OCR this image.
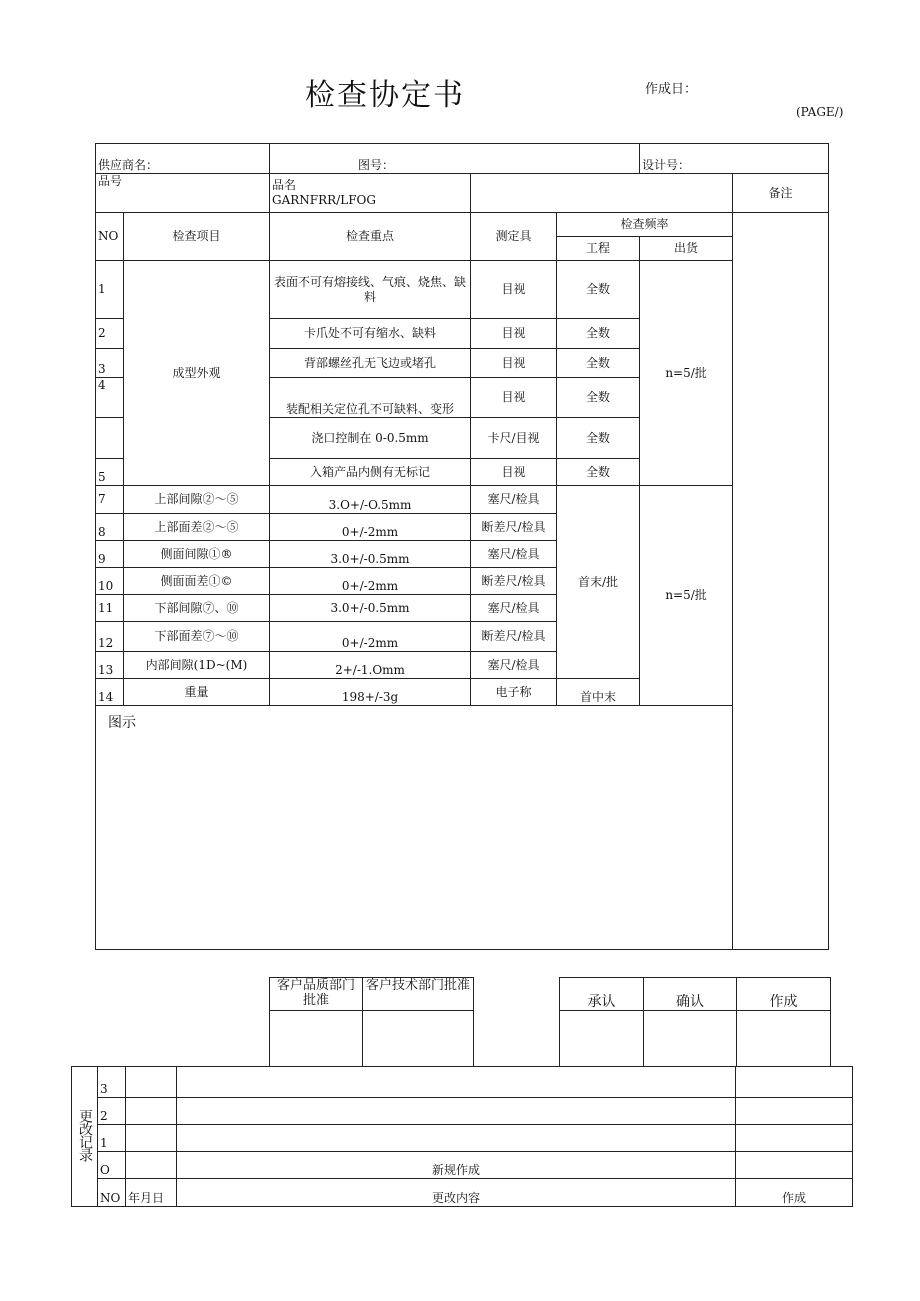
检查协定书	作成日：
(PAGE/)
供应商名：		图号：			设计号：	
品号		品名
GARNFRR/LFOG				备注
NO	检查项目	检查重点	测定具	检查频率		
				工程	出货	
1	成型外观	表面不可有熔接线、气痕、烧焦、缺料	目视	全数	n=5/批	
2		卡爪处不可有缩水、缺料	目视	全数		
3		背部螺丝孔无飞边或堵孔	目视	全数		
4		装配相关定位孔不可缺料、变形	目视	全数		
		浇口控制在 0-0.5mm	卡尺/目视	全数		
5		入箱产品内侧有无标记	目视	全数		

7	上部间隙②～⑤	3.O+/-O.5mm	塞尺/检具	首末/批	n=5/批	
8	上部面差②～⑤	0+/-2mm	断差尺/检具			
9	侧面间隙①®	3.0+/-0.5mm	塞尺/检具			
10	侧面面差①©	0+/-2mm	断差尺/检具			
11	下部间隙⑦、⑩	3.0+/-0.5mm	塞尺/检具			
12	下部面差⑦～⑩	0+/-2mm	断差尺/检具			
13	内部间隙(1D~(M)	2+/-1.Omm	塞尺/检具			
14	重量	198+/-3g	电子称	首中末		
图示						
客户品质部门批准	客户技术部门批准

承认	确认	作成

更改记录	3			
	2			
	1			
	O		新规作成	
	NO	年月日	更改内容	作成
